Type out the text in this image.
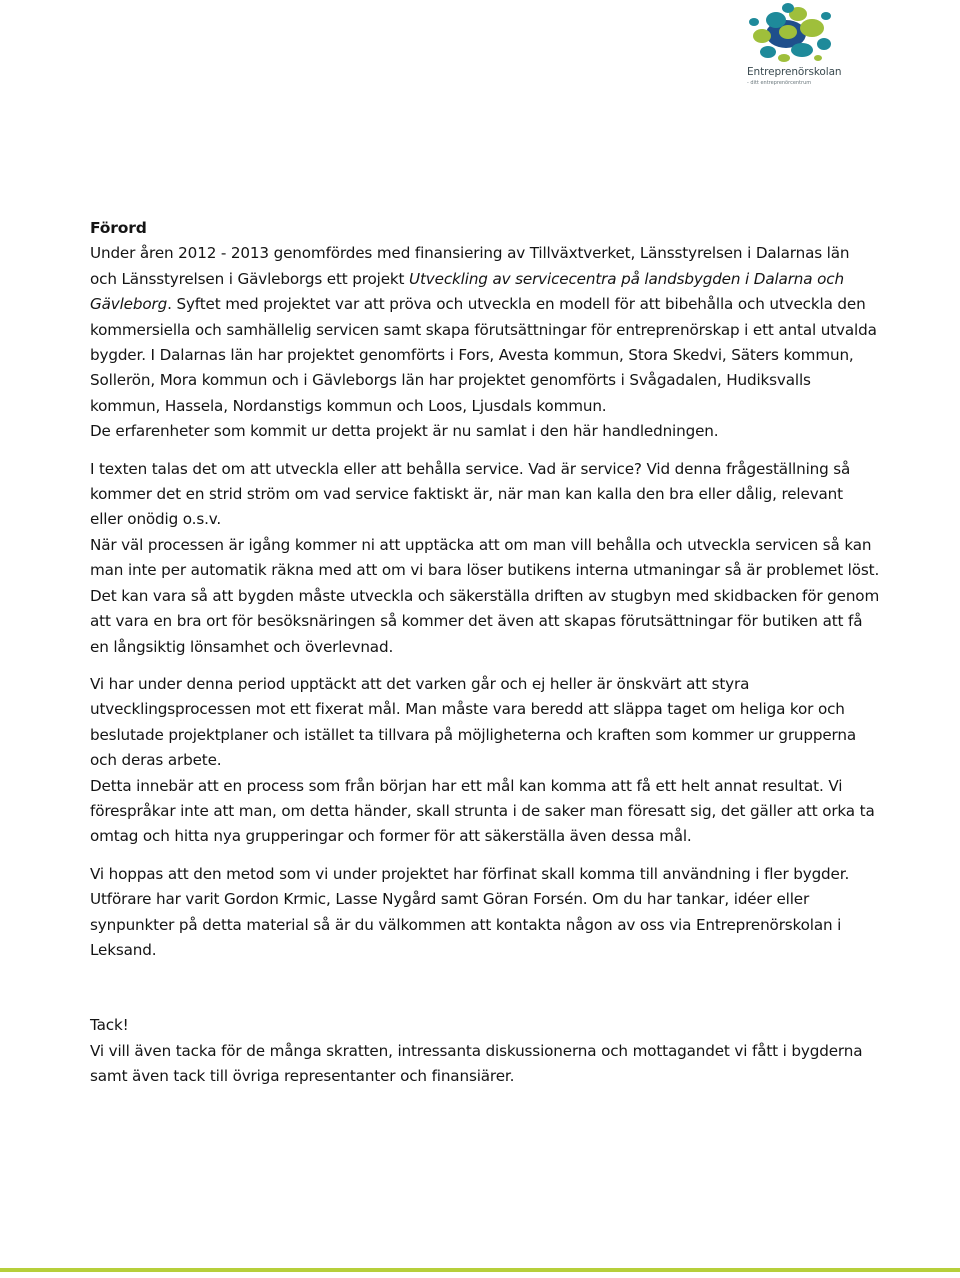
Entreprenörskolan
- ditt entreprenörcentrum

Förord

Under åren 2012 - 2013 genomfördes med finansiering av Tillväxtverket, Länsstyrelsen i Dalarnas län och Länsstyrelsen i Gävleborgs ett projekt Utveckling av servicecentra på landsbygden i Dalarna och Gävleborg. Syftet med projektet var att pröva och utveckla en modell för att bibehålla och utveckla den kommersiella och samhällelig servicen samt skapa förutsättningar för entreprenörskap i ett antal utvalda bygder. I Dalarnas län har projektet genomförts i Fors, Avesta kommun, Stora Skedvi, Säters kommun, Sollerön, Mora kommun och i Gävleborgs län har projektet genomförts i Svågadalen, Hudiksvalls kommun, Hassela, Nordanstigs kommun och Loos, Ljusdals kommun.

De erfarenheter som kommit ur detta projekt är nu samlat i den här handledningen.

I texten talas det om att utveckla eller att behålla service. Vad är service? Vid denna frågeställning så kommer det en strid ström om vad service faktiskt är, när man kan kalla den bra eller dålig, relevant eller onödig o.s.v.

När väl processen är igång kommer ni att upptäcka att om man vill behålla och utveckla servicen så kan man inte per automatik räkna med att om vi bara löser butikens interna utmaningar så är problemet löst. Det kan vara så att bygden måste utveckla och säkerställa driften av stugbyn med skidbacken för genom att vara en bra ort för besöksnäringen så kommer det även att skapas förutsättningar för butiken att få en långsiktig lönsamhet och överlevnad.

Vi har under denna period upptäckt att det varken går och ej heller är önskvärt att styra utvecklingsprocessen mot ett fixerat mål. Man måste vara beredd att släppa taget om heliga kor och beslutade projektplaner och istället ta tillvara på möjligheterna och kraften som kommer ur grupperna och deras arbete.

Detta innebär att en process som från början har ett mål kan komma att få ett helt annat resultat. Vi förespråkar inte att man, om detta händer, skall strunta i de saker man föresatt sig, det gäller att orka ta omtag och hitta nya grupperingar och former för att säkerställa även dessa mål.

Vi hoppas att den metod som vi under projektet har förfinat skall komma till användning i fler bygder. Utförare har varit Gordon Krmic, Lasse Nygård samt Göran Forsén. Om du har tankar, idéer eller synpunkter på detta material så är du välkommen att kontakta någon av oss via Entreprenörskolan i Leksand.

Tack!

Vi vill även tacka för de många skratten, intressanta diskussionerna och mottagandet vi fått i bygderna samt även tack till övriga representanter och finansiärer.
